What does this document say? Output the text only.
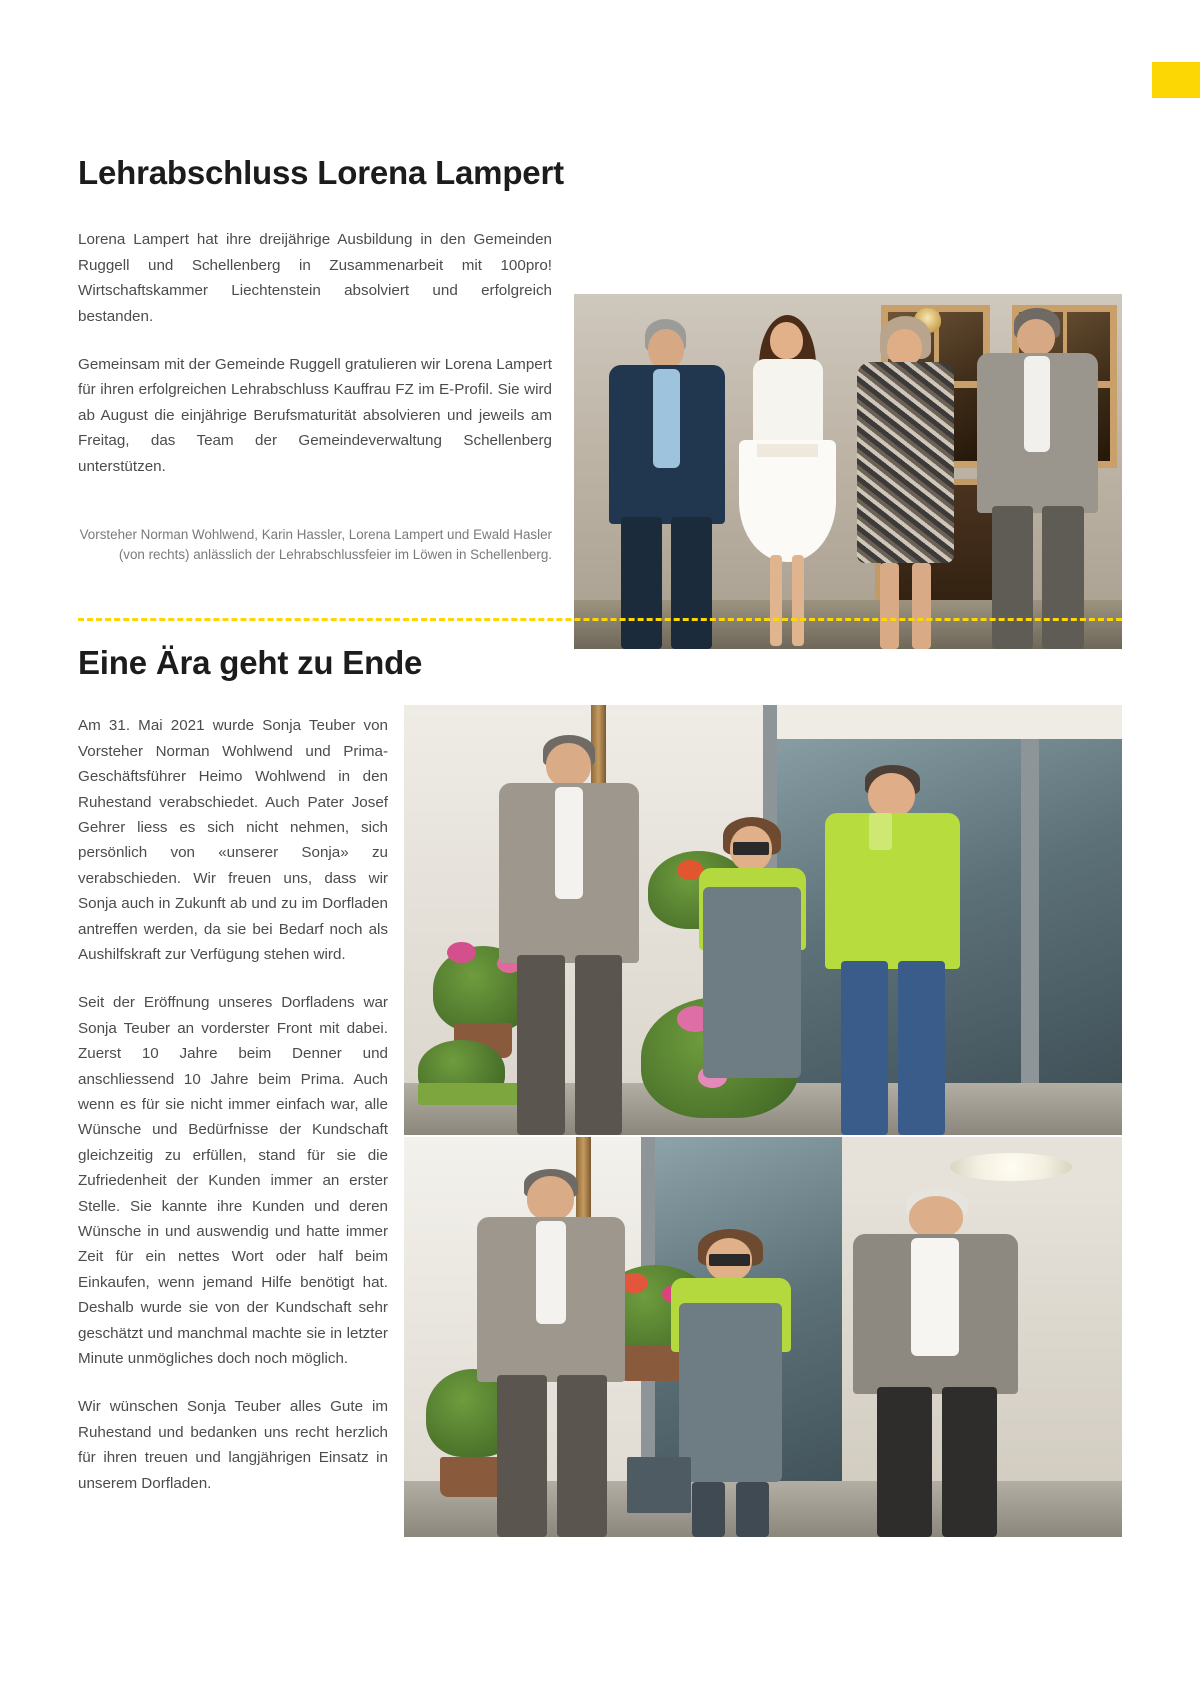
Lehrabschluss Lorena Lampert

Lorena Lampert hat ihre dreijährige Ausbildung in den Gemeinden Ruggell und Schellenberg in Zusammenarbeit mit 100pro! Wirtschaftskammer Liechtenstein absolviert und erfolgreich bestanden.

Gemeinsam mit der Gemeinde Ruggell gratulieren wir Lorena Lampert für ihren erfolgreichen Lehrabschluss Kauffrau FZ im E-Profil. Sie wird ab August die einjährige Berufsmaturität absolvieren und jeweils am Freitag, das Team der Gemeindeverwaltung Schellenberg unterstützen.

Vorsteher Norman Wohlwend, Karin Hassler, Lorena Lampert und Ewald Hasler (von rechts) anlässlich der Lehrabschlussfeier im Löwen in Schellenberg.
Eine Ära geht zu Ende

Am 31. Mai 2021 wurde Sonja Teuber von Vorsteher Norman Wohlwend und Prima-Geschäftsführer Heimo Wohlwend in den Ruhestand verabschiedet. Auch Pater Josef Gehrer liess es sich nicht nehmen, sich persönlich von «unserer Sonja» zu verabschieden. Wir freuen uns, dass wir Sonja auch in Zukunft ab und zu im Dorfladen antreffen werden, da sie bei Bedarf noch als Aushilfskraft zur Verfügung stehen wird.

Seit der Eröffnung unseres Dorfladens war Sonja Teuber an vorderster Front mit dabei. Zuerst 10 Jahre beim Denner und anschliessend 10 Jahre beim Prima. Auch wenn es für sie nicht immer einfach war, alle Wünsche und Bedürfnisse der Kundschaft gleichzeitig zu erfüllen, stand für sie die Zufriedenheit der Kunden immer an erster Stelle. Sie kannte ihre Kunden und deren Wünsche in und auswendig und hatte immer Zeit für ein nettes Wort oder half beim Einkaufen, wenn jemand Hilfe benötigt hat. Deshalb wurde sie von der Kundschaft sehr geschätzt und manchmal machte sie in letzter Minute unmögliches doch noch möglich.

Wir wünschen Sonja Teuber alles Gute im Ruhestand und bedanken uns recht herzlich für ihren treuen und langjährigen Einsatz in unserem Dorfladen.
